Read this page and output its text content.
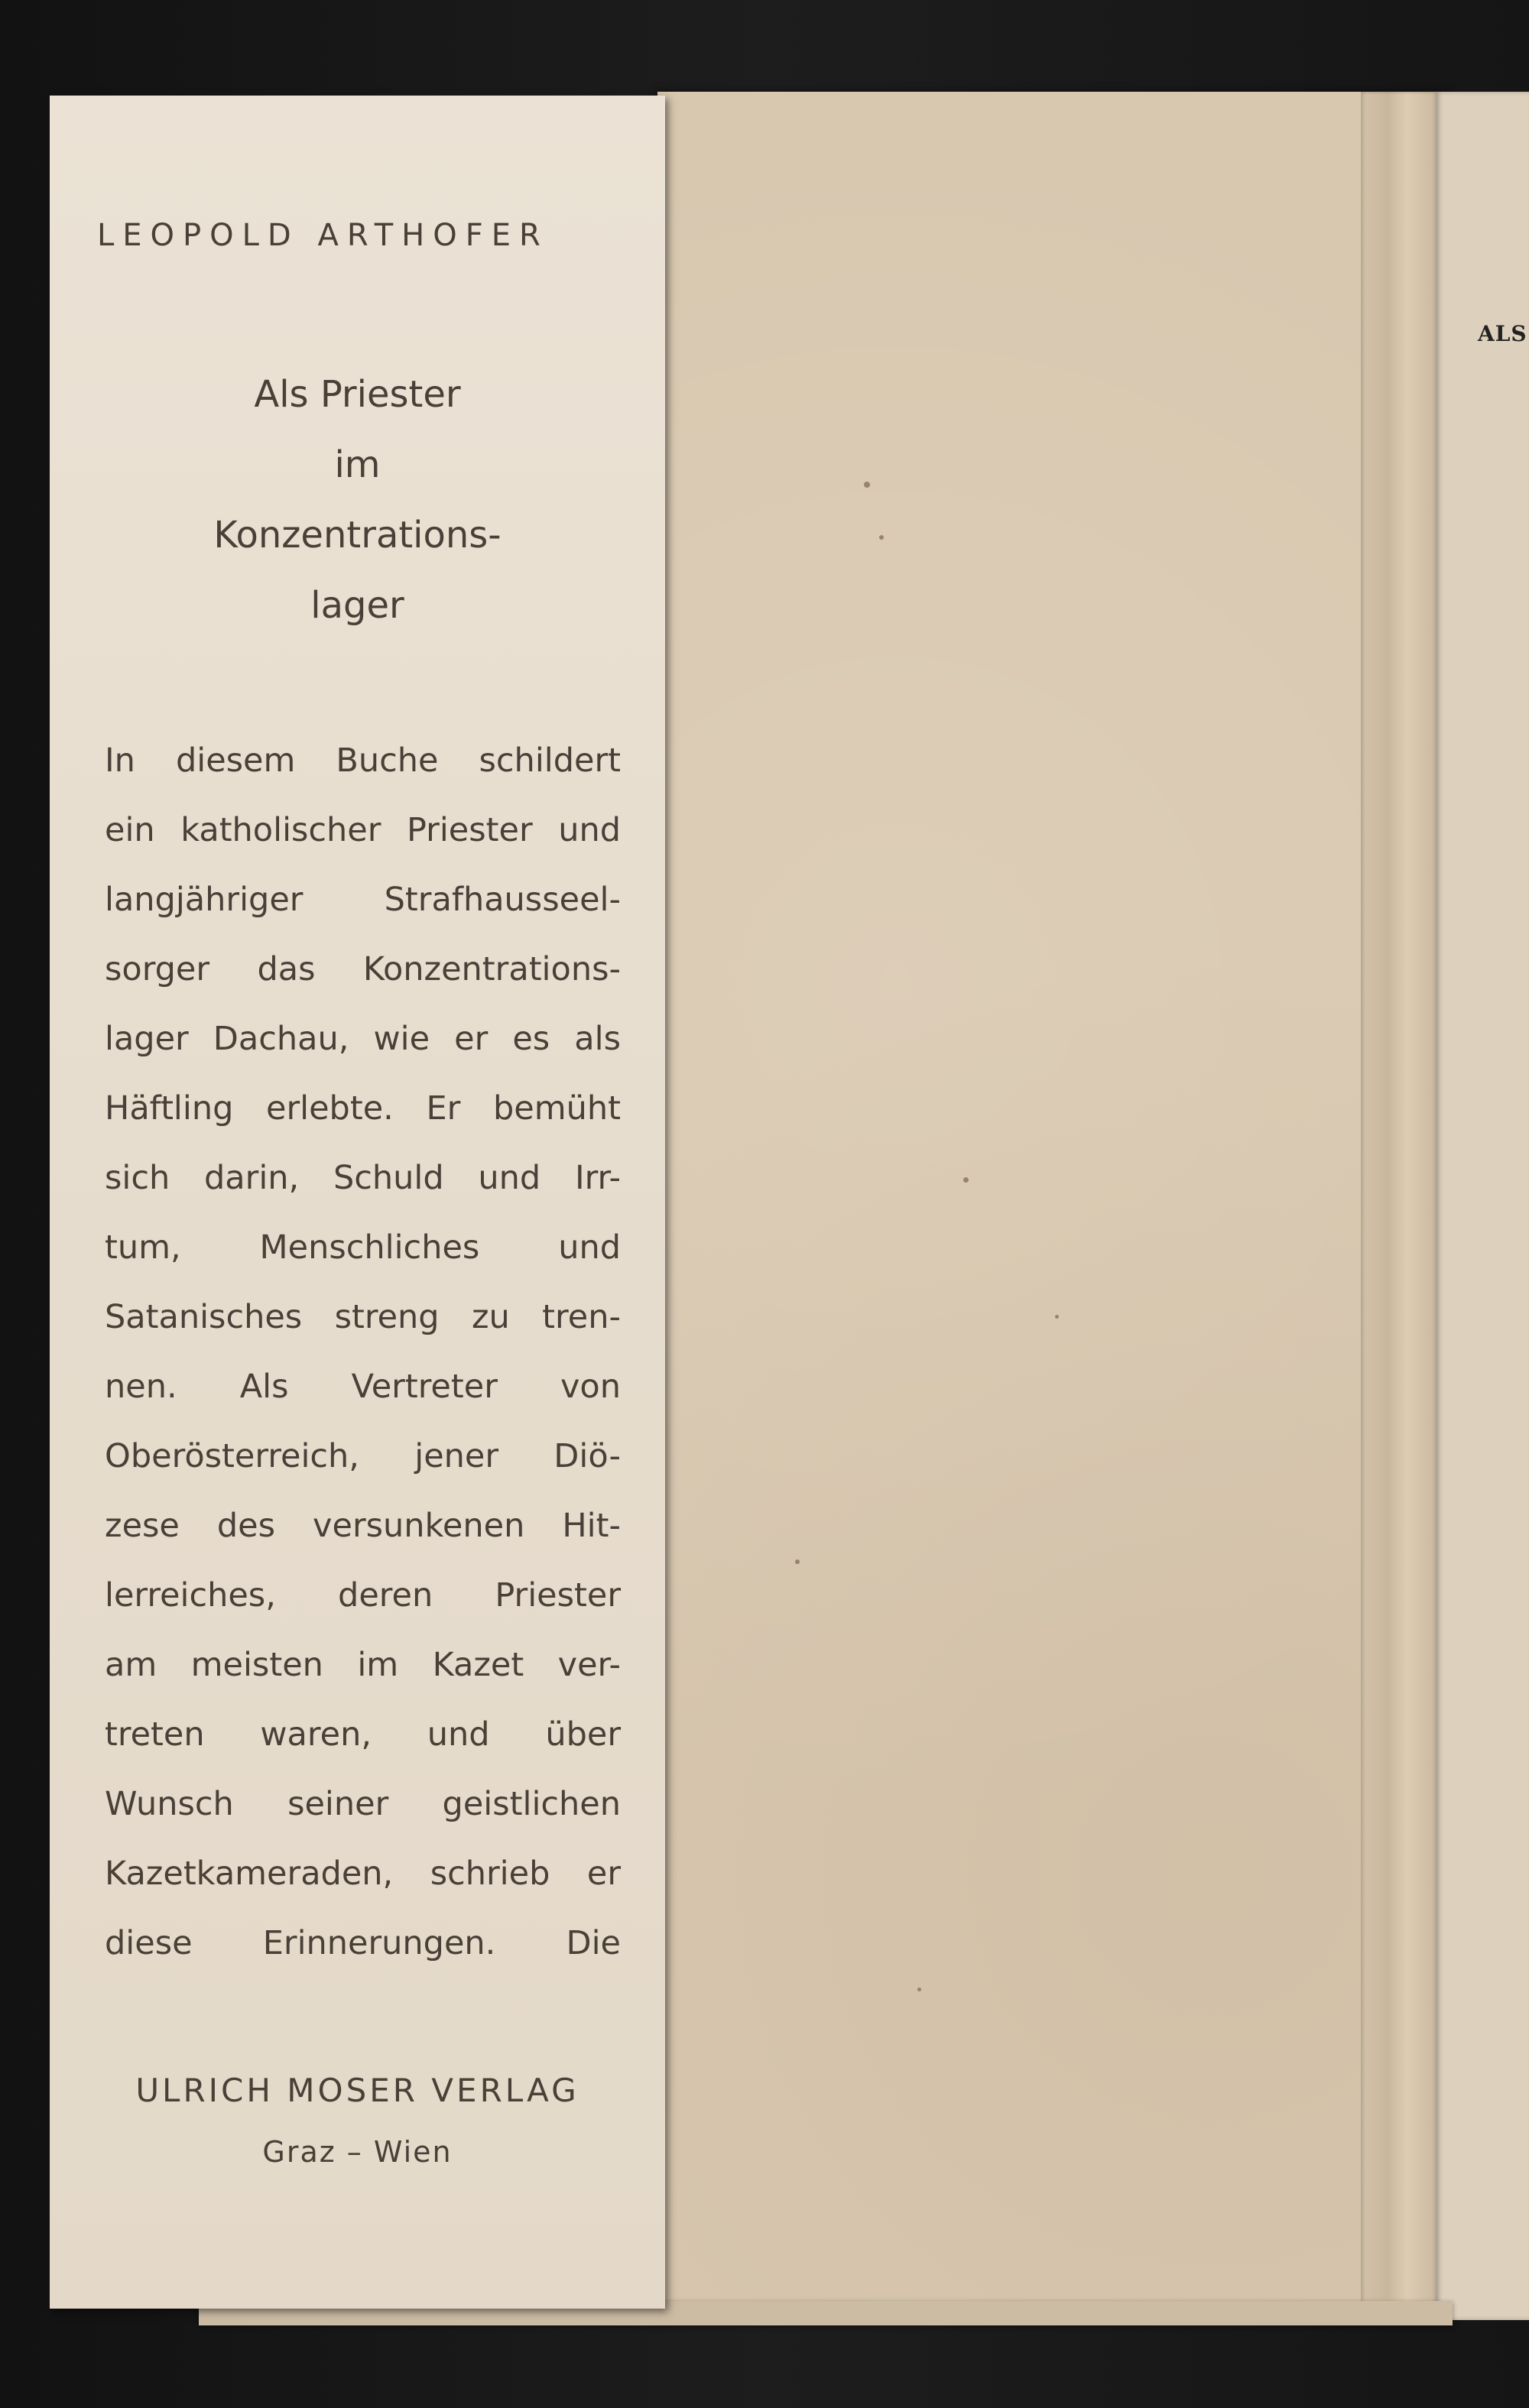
ALS
LEOPOLD ARTHOFER
Als Priester
im
Konzentrations-
lager
In diesem Buche schildert
ein katholischer Priester und
langjähriger Strafhausseel-
sorger das Konzentrations-
lager Dachau, wie er es als
Häftling erlebte. Er bemüht
sich darin, Schuld und Irr-
tum, Menschliches und
Satanisches streng zu tren-
nen. Als Vertreter von
Oberösterreich, jener Diö-
zese des versunkenen Hit-
lerreiches, deren Priester
am meisten im Kazet ver-
treten waren, und über
Wunsch seiner geistlichen
Kazetkameraden, schrieb er
diese Erinnerungen. Die
ULRICH MOSER VERLAG
Graz – Wien
